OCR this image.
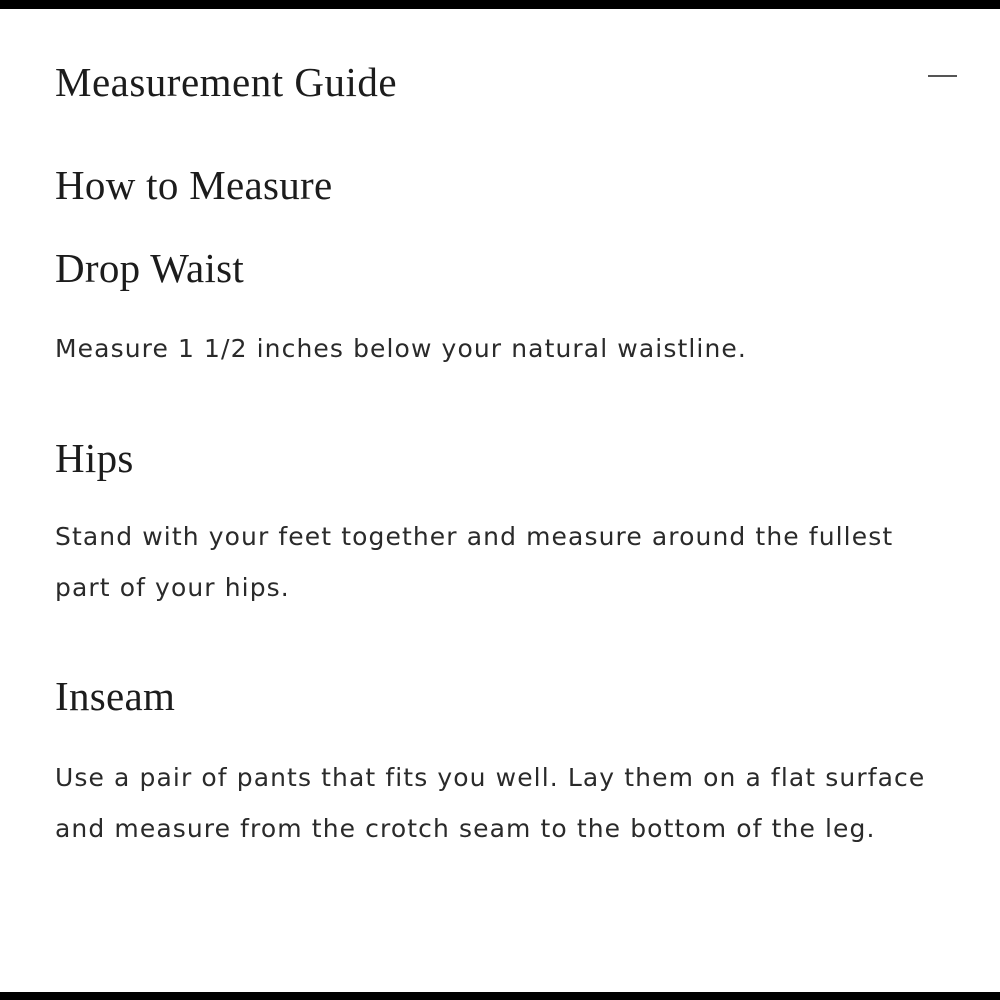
Measurement Guide
How to Measure
Drop Waist

Measure 1 1/2 inches below your natural waistline.

Hips

Stand with your feet together and measure around the fullest part of your hips.

Inseam

Use a pair of pants that fits you well. Lay them on a flat surface and measure from the crotch seam to the bottom of the leg.
